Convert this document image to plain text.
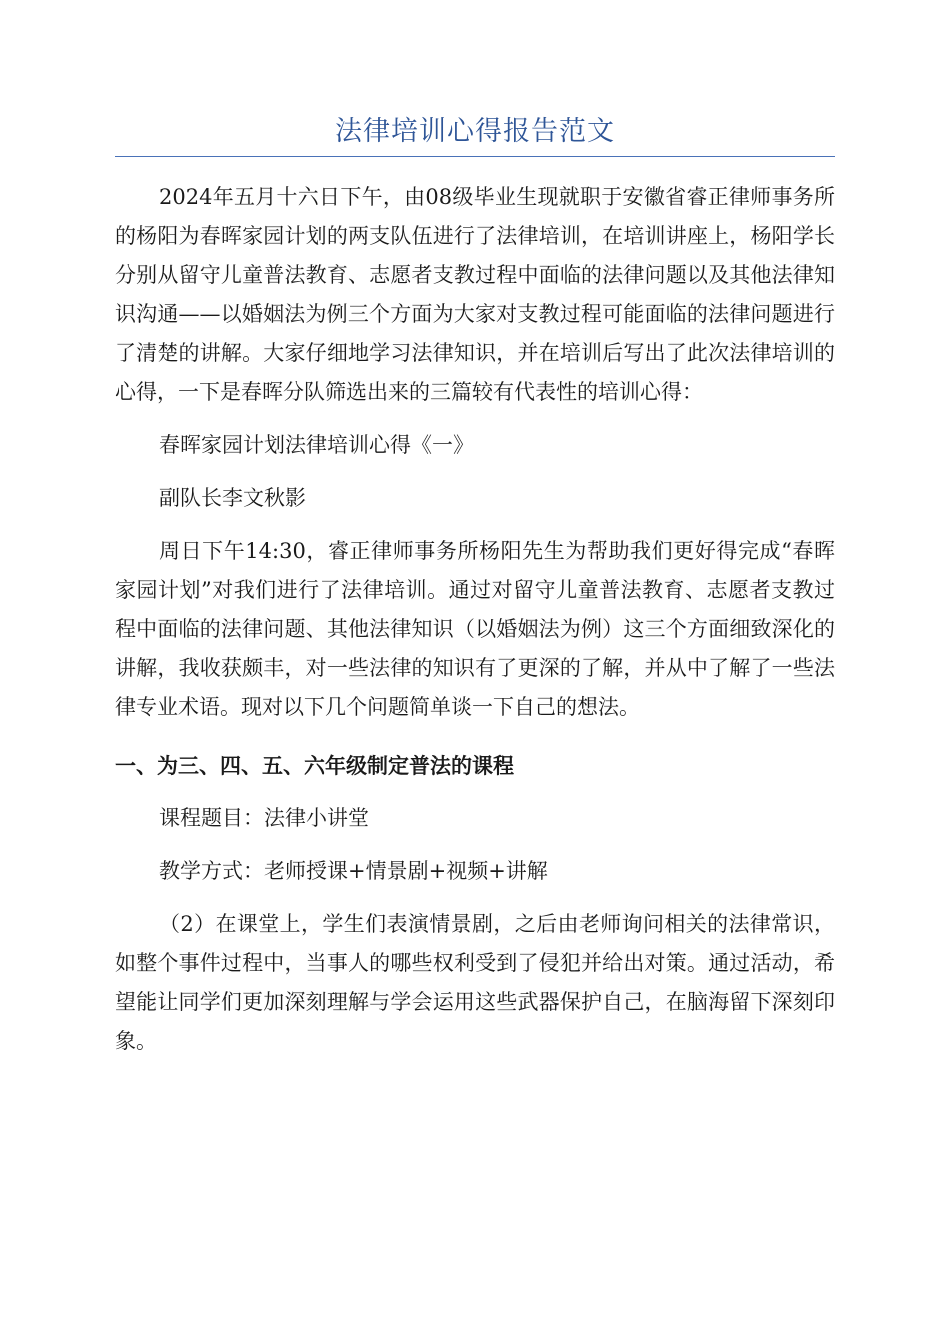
法律培训心得报告范文

2024年五月十六日下午，由08级毕业生现就职于安徽省睿正律师事务所的杨阳为春晖家园计划的两支队伍进行了法律培训，在培训讲座上，杨阳学长分别从留守儿童普法教育、志愿者支教过程中面临的法律问题以及其他法律知识沟通——以婚姻法为例三个方面为大家对支教过程可能面临的法律问题进行了清楚的讲解。大家仔细地学习法律知识，并在培训后写出了此次法律培训的心得，一下是春晖分队筛选出来的三篇较有代表性的培训心得：

春晖家园计划法律培训心得《一》

副队长李文秋影

周日下午14:30，睿正律师事务所杨阳先生为帮助我们更好得完成“春晖家园计划”对我们进行了法律培训。通过对留守儿童普法教育、志愿者支教过程中面临的法律问题、其他法律知识（以婚姻法为例）这三个方面细致深化的讲解，我收获颇丰，对一些法律的知识有了更深的了解，并从中了解了一些法律专业术语。现对以下几个问题简单谈一下自己的想法。

一、为三、四、五、六年级制定普法的课程

课程题目：法律小讲堂

教学方式：老师授课+情景剧+视频+讲解

（2）在课堂上，学生们表演情景剧，之后由老师询问相关的法律常识，如整个事件过程中，当事人的哪些权利受到了侵犯并给出对策。通过活动，希望能让同学们更加深刻理解与学会运用这些武器保护自己，在脑海留下深刻印象。
